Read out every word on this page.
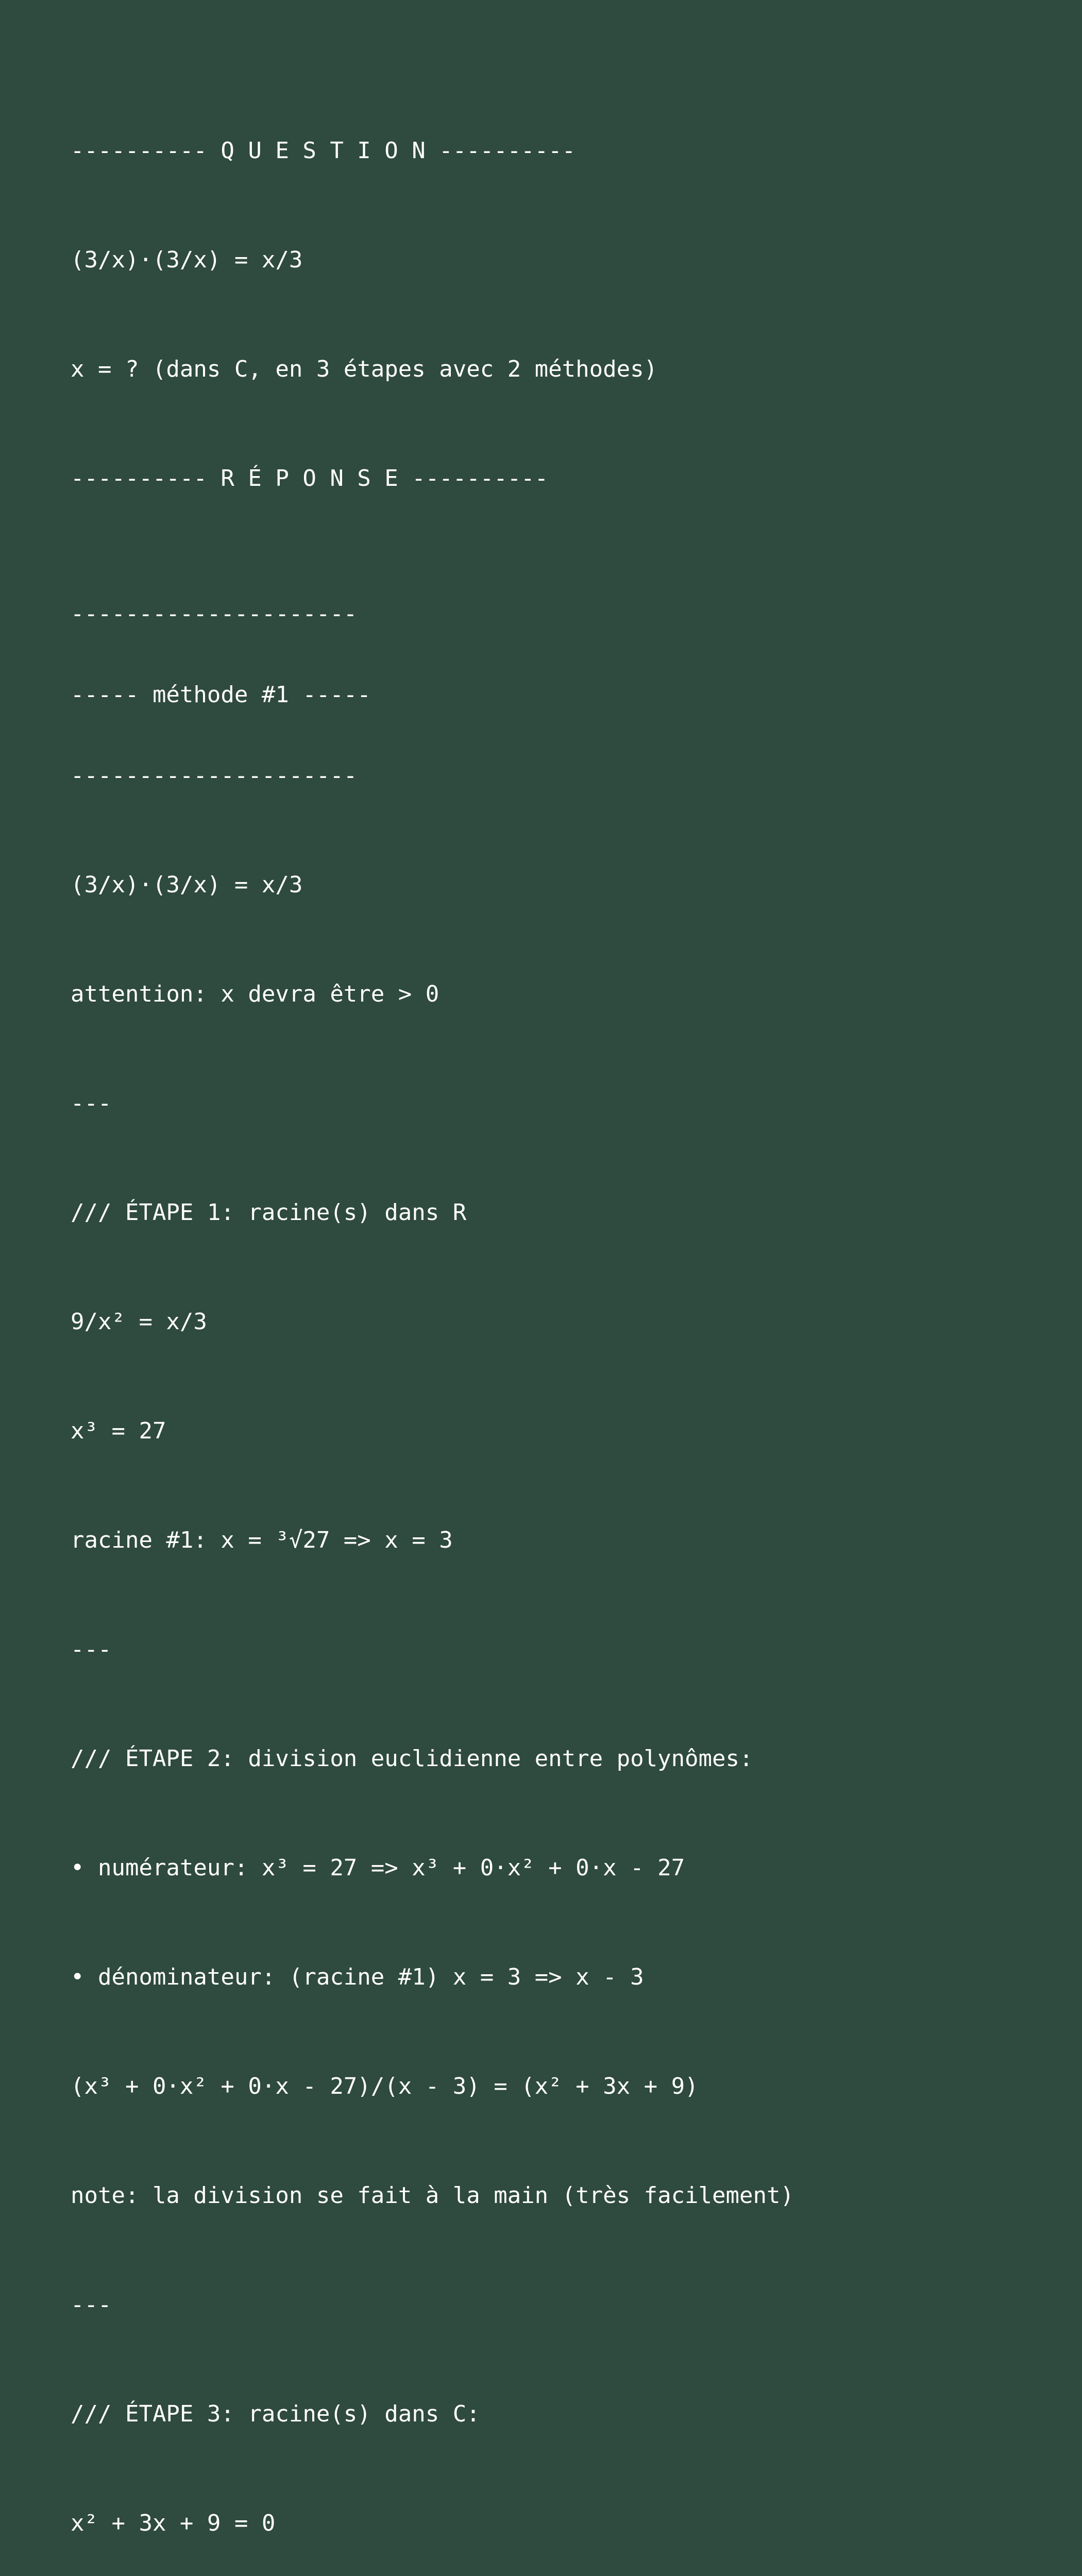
---------- Q U E S T I O N ----------

(3/x)·(3/x) = x/3

x = ? (dans C, en 3 étapes avec 2 méthodes)

---------- R É P O N S E ----------

---------------------

----- méthode #1 -----

---------------------

(3/x)·(3/x) = x/3

attention: x devra être > 0

---

/// ÉTAPE 1: racine(s) dans R

9/x² = x/3

x³ = 27

racine #1: x = ³√27 => x = 3

---

/// ÉTAPE 2: division euclidienne entre polynômes:

• numérateur: x³ = 27 => x³ + 0·x² + 0·x - 27

• dénominateur: (racine #1) x = 3 => x - 3

(x³ + 0·x² + 0·x - 27)/(x - 3) = (x² + 3x + 9)

note: la division se fait à la main (très facilement)

---

/// ÉTAPE 3: racine(s) dans C:

x² + 3x + 9 = 0
